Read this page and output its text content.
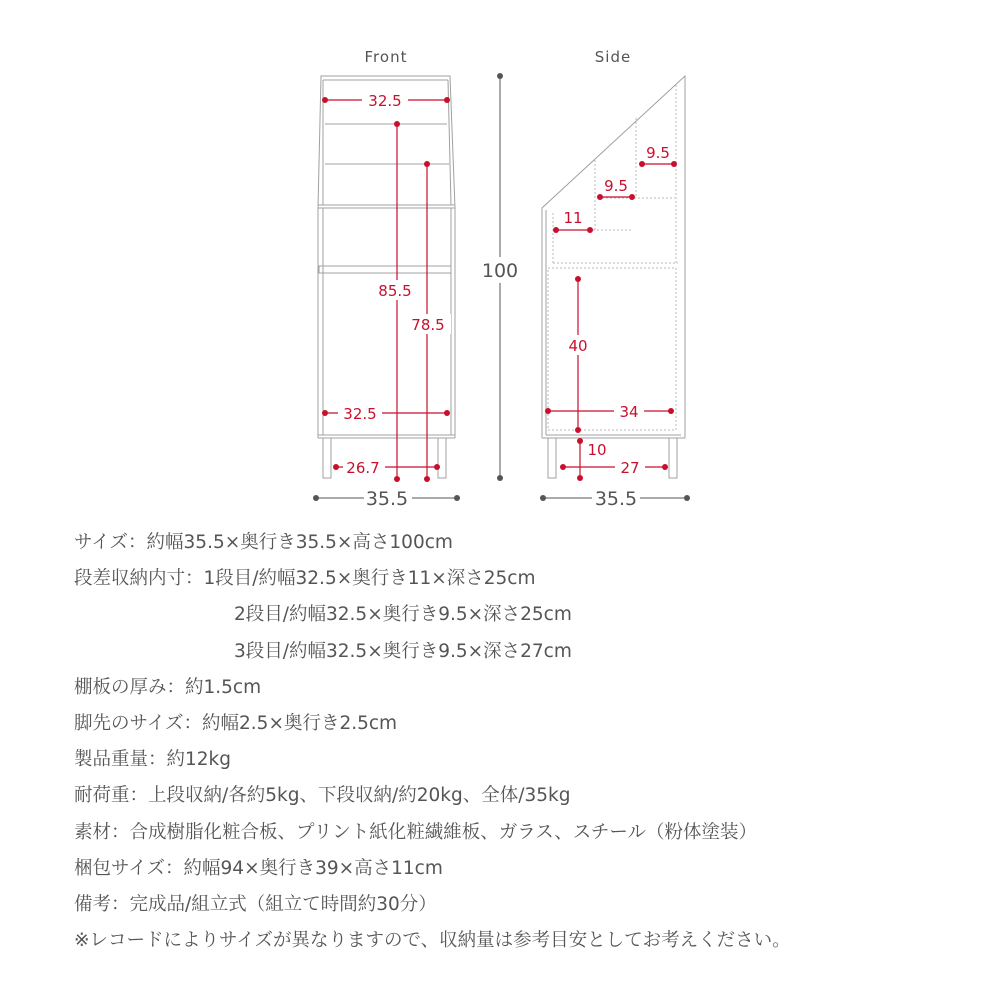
Front
32.5
85.5
78.5
32.5
26.7
35.5
100
Side
9.5
9.5
11
40
34
10
27
35.5
サイズ：約幅35.5×奥行き35.5×高さ100cm
段差収納内寸：1段目/約幅32.5×奥行き11×深さ25cm
2段目/約幅32.5×奥行き9.5×深さ25cm
3段目/約幅32.5×奥行き9.5×深さ27cm
棚板の厚み：約1.5cm
脚先のサイズ：約幅2.5×奥行き2.5cm
製品重量：約12kg
耐荷重：上段収納/各約5kg、下段収納/約20kg、全体/35kg
素材：合成樹脂化粧合板、プリント紙化粧繊維板、ガラス、スチール（粉体塗装）
梱包サイズ：約幅94×奥行き39×高さ11cm
備考：完成品/組立式（組立て時間約30分）
※レコードによりサイズが異なりますので、収納量は参考目安としてお考えください。
